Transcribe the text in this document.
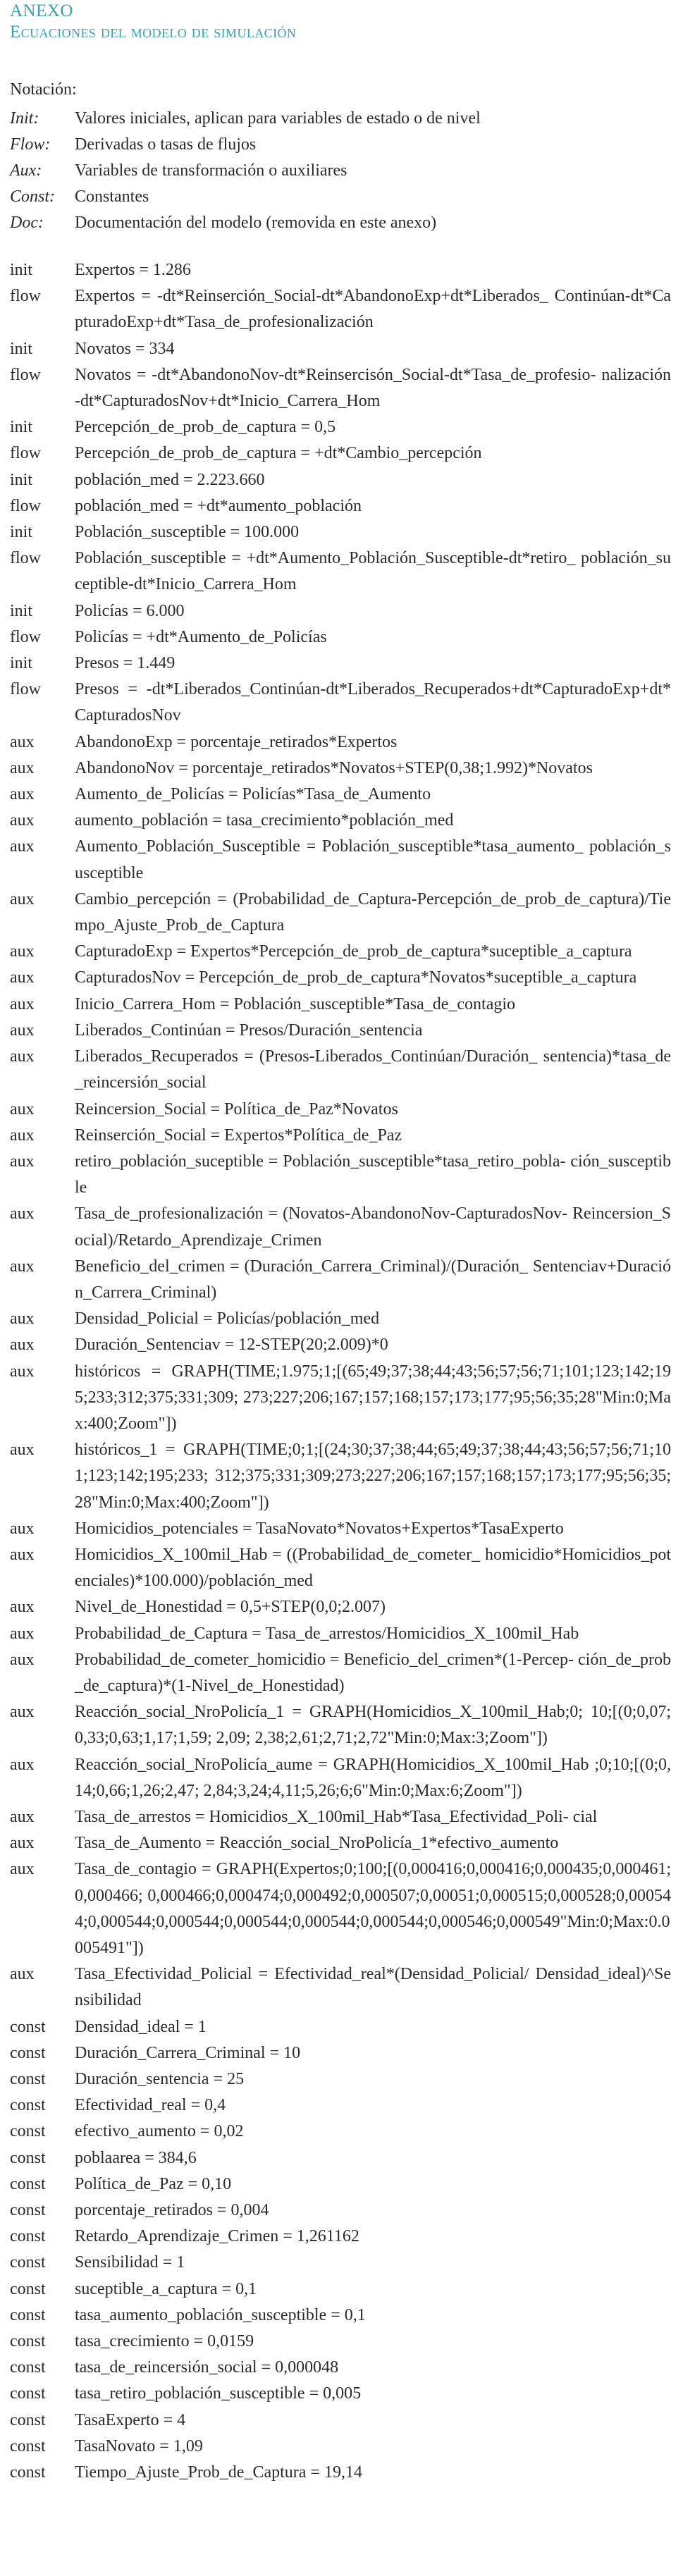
ANEXO
Ecuaciones del modelo de simulación
Notación:
Init:	Valores iniciales, aplican para variables de estado o de nivel
Flow:	Derivadas o tasas de flujos
Aux:	Variables de transformación o auxiliares
Const:	Constantes
Doc:	Documentación del modelo (removida en este anexo)
init	Expertos = 1.286
flow	Expertos = -dt*Reinserción_Social-dt*AbandonoExp+dt*Liberados_ Continúan-dt*CapturadoExp+dt*Tasa_de_profesionalización
init	Novatos = 334
flow	Novatos = -dt*AbandonoNov-dt*Reinsercisón_Social-dt*Tasa_de_profesio- nalización-dt*CapturadosNov+dt*Inicio_Carrera_Hom
init	Percepción_de_prob_de_captura = 0,5
flow	Percepción_de_prob_de_captura = +dt*Cambio_percepción
init	población_med = 2.223.660
flow	población_med = +dt*aumento_población
init	Población_susceptible = 100.000
flow	Población_susceptible = +dt*Aumento_Población_Susceptible-dt*retiro_ población_suceptible-dt*Inicio_Carrera_Hom
init	Policías = 6.000
flow	Policías = +dt*Aumento_de_Policías
init	Presos = 1.449
flow	Presos = -dt*Liberados_Continúan-dt*Liberados_Recuperados+dt*CapturadoExp+dt*CapturadosNov
aux	AbandonoExp = porcentaje_retirados*Expertos
aux	AbandonoNov = porcentaje_retirados*Novatos+STEP(0,38;1.992)*Novatos
aux	Aumento_de_Policías = Policías*Tasa_de_Aumento
aux	aumento_población = tasa_crecimiento*población_med
aux	Aumento_Población_Susceptible = Población_susceptible*tasa_aumento_ población_susceptible
aux	Cambio_percepción = (Probabilidad_de_Captura-Percepción_de_prob_de_captura)/Tiempo_Ajuste_Prob_de_Captura
aux	CapturadoExp = Expertos*Percepción_de_prob_de_captura*suceptible_a_captura
aux	CapturadosNov = Percepción_de_prob_de_captura*Novatos*suceptible_a_captura
aux	Inicio_Carrera_Hom = Población_susceptible*Tasa_de_contagio
aux	Liberados_Continúan = Presos/Duración_sentencia
aux	Liberados_Recuperados = (Presos-Liberados_Continúan/Duración_ sentencia)*tasa_de_reincersión_social
aux	Reincersion_Social = Política_de_Paz*Novatos
aux	Reinserción_Social = Expertos*Política_de_Paz
aux	retiro_población_suceptible = Población_susceptible*tasa_retiro_pobla- ción_susceptible
aux	Tasa_de_profesionalización = (Novatos-AbandonoNov-CapturadosNov- Reincersion_Social)/Retardo_Aprendizaje_Crimen
aux	Beneficio_del_crimen = (Duración_Carrera_Criminal)/(Duración_ Sentenciav+Duración_Carrera_Criminal)
aux	Densidad_Policial = Policías/población_med
aux	Duración_Sentenciav = 12-STEP(20;2.009)*0
aux	históricos = GRAPH(TIME;1.975;1;[(65;49;37;38;44;43;56;57;56;71;101;123;142;195;233;312;375;331;309; 273;227;206;167;157;168;157;173;177;95;56;35;28"Min:0;Max:400;Zoom"])
aux	históricos_1 = GRAPH(TIME;0;1;[(24;30;37;38;44;65;49;37;38;44;43;56;57;56;71;101;123;142;195;233; 312;375;331;309;273;227;206;167;157;168;157;173;177;95;56;35;28"Min:0;Max:400;Zoom"])
aux	Homicidios_potenciales = TasaNovato*Novatos+Expertos*TasaExperto
aux	Homicidios_X_100mil_Hab = ((Probabilidad_de_cometer_ homicidio*Homicidios_potenciales)*100.000)/población_med
aux	Nivel_de_Honestidad = 0,5+STEP(0,0;2.007)
aux	Probabilidad_de_Captura = Tasa_de_arrestos/Homicidios_X_100mil_Hab
aux	Probabilidad_de_cometer_homicidio = Beneficio_del_crimen*(1-Percep- ción_de_prob_de_captura)*(1-Nivel_de_Honestidad)
aux	Reacción_social_NroPolicía_1 = GRAPH(Homicidios_X_100mil_Hab;0; 10;[(0;0,07;0,33;0,63;1,17;1,59; 2,09; 2,38;2,61;2,71;2,72"Min:0;Max:3;Zoom"])
aux	Reacción_social_NroPolicía_aume = GRAPH(Homicidios_X_100mil_Hab ;0;10;[(0;0,14;0,66;1,26;2,47; 2,84;3,24;4,11;5,26;6;6"Min:0;Max:6;Zoom"])
aux	Tasa_de_arrestos = Homicidios_X_100mil_Hab*Tasa_Efectividad_Poli- cial
aux	Tasa_de_Aumento = Reacción_social_NroPolicía_1*efectivo_aumento
aux	Tasa_de_contagio = GRAPH(Expertos;0;100;[(0,000416;0,000416;0,000435;0,000461;0,000466; 0,000466;0,000474;0,000492;0,000507;0,00051;0,000515;0,000528;0,000544;0,000544;0,000544;0,000544;0,000544;0,000544;0,000546;0,000549"Min:0;Max:0.0005491"])
aux	Tasa_Efectividad_Policial = Efectividad_real*(Densidad_Policial/ Densidad_ideal)^Sensibilidad
const	Densidad_ideal = 1
const	Duración_Carrera_Criminal = 10
const	Duración_sentencia = 25
const	Efectividad_real = 0,4
const	efectivo_aumento = 0,02
const	poblaarea = 384,6
const	Política_de_Paz = 0,10
const	porcentaje_retirados = 0,004
const	Retardo_Aprendizaje_Crimen = 1,261162
const	Sensibilidad = 1
const	suceptible_a_captura = 0,1
const	tasa_aumento_población_susceptible = 0,1
const	tasa_crecimiento = 0,0159
const	tasa_de_reincersión_social = 0,000048
const	tasa_retiro_población_susceptible = 0,005
const	TasaExperto = 4
const	TasaNovato = 1,09
const	Tiempo_Ajuste_Prob_de_Captura = 19,14
